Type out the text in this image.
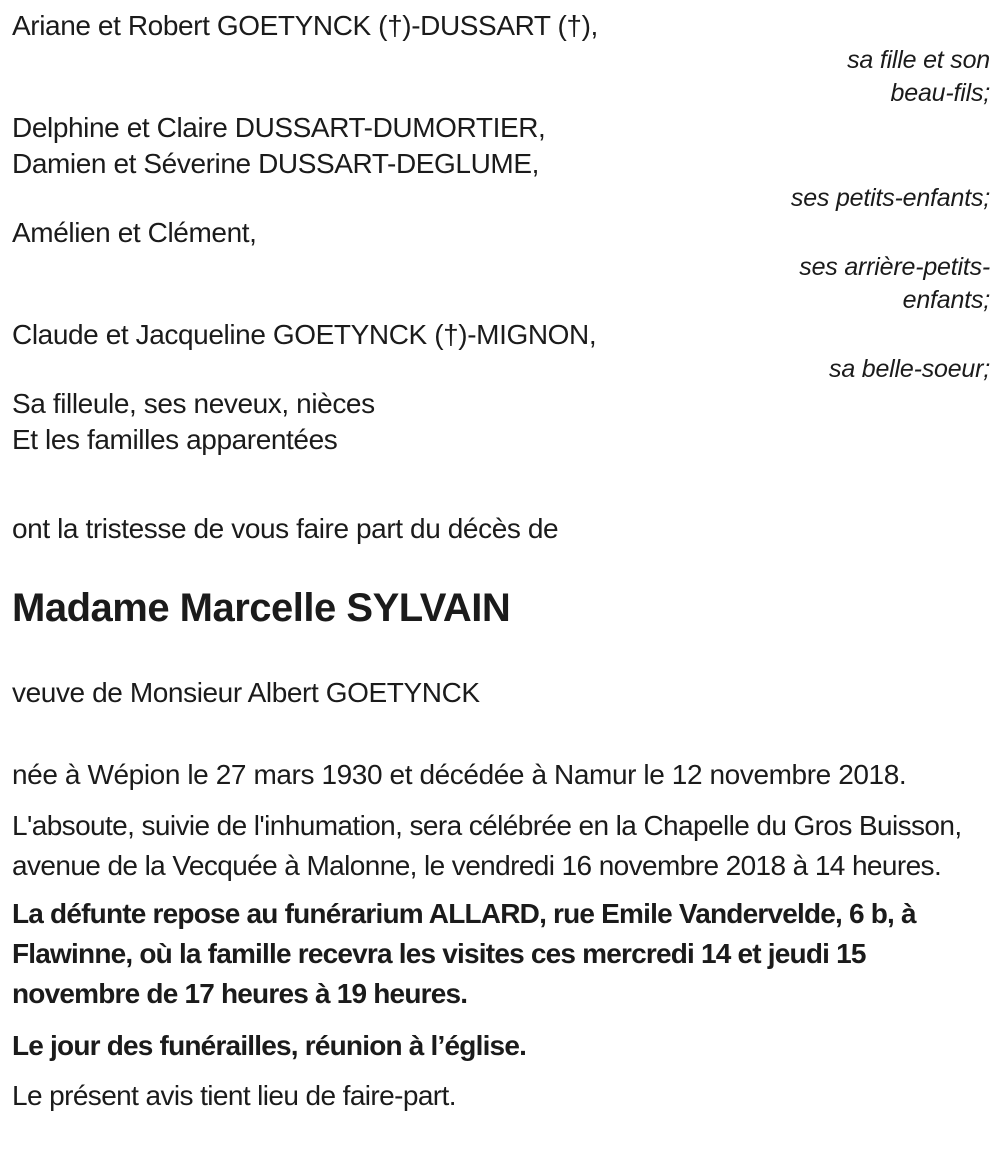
Ariane et Robert GOETYNCK (†)-DUSSART (†),

sa fille et son

beau-fils;

Delphine et Claire DUSSART-DUMORTIER,

Damien et Séverine DUSSART-DEGLUME,

ses petits-enfants;

Amélien et Clément,

ses arrière-petits-

enfants;

Claude et Jacqueline GOETYNCK (†)-MIGNON,

sa belle-soeur;

Sa filleule, ses neveux, nièces

Et les familles apparentées

ont la tristesse de vous faire part du décès de

Madame Marcelle SYLVAIN

veuve de Monsieur Albert GOETYNCK

née à Wépion le 27 mars 1930 et décédée à Namur le 12 novembre 2018.

L'absoute, suivie de l'inhumation, sera célébrée en la Chapelle du Gros Buisson, avenue de la Vecquée à Malonne, le vendredi 16 novembre 2018 à 14 heures.

La défunte repose au funérarium ALLARD, rue Emile Vandervelde, 6 b, à Flawinne, où la famille recevra les visites ces mercredi 14 et jeudi 15 novembre de 17 heures à 19 heures.

Le jour des funérailles, réunion à l’église.

Le présent avis tient lieu de faire-part.
